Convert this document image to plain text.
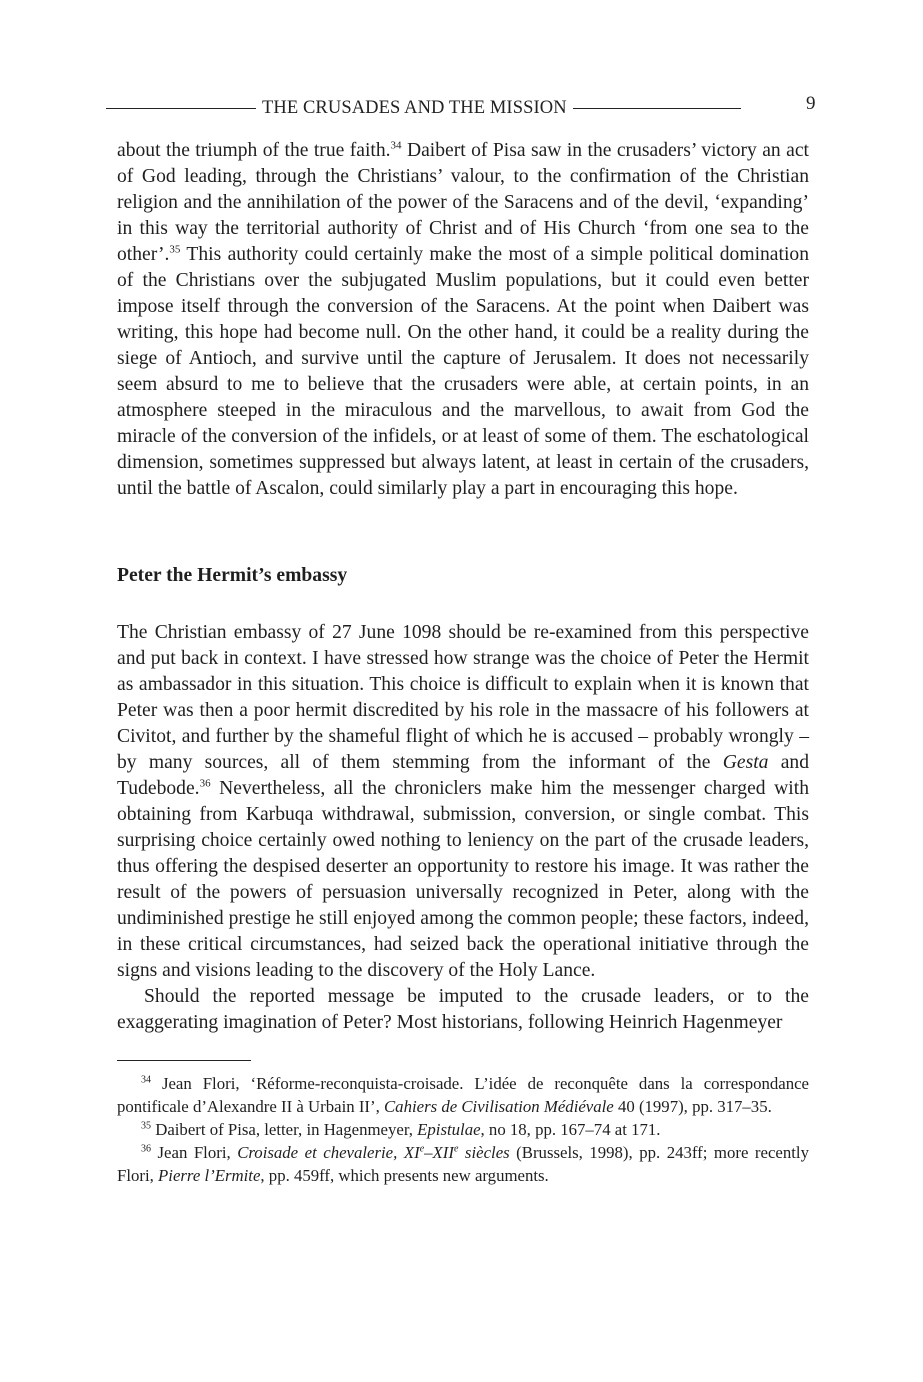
THE CRUSADES AND THE MISSION	9

about the triumph of the true faith.$^{34}$ Daibert of Pisa saw in the crusaders’ victory an act of God leading, through the Christians’ valour, to the confirmation of the Christian religion and the annihilation of the power of the Saracens and of the devil, ‘expanding’ in this way the territorial authority of Christ and of His Church ‘from one sea to the other’.$^{35}$ This authority could certainly make the most of a simple political domination of the Christians over the subjugated Muslim populations, but it could even better impose itself through the conversion of the Saracens. At the point when Daibert was writing, this hope had become null. On the other hand, it could be a reality during the siege of Antioch, and survive until the capture of Jerusalem. It does not necessarily seem absurd to me to believe that the crusaders were able, at certain points, in an atmosphere steeped in the miraculous and the marvellous, to await from God the miracle of the conversion of the infidels, or at least of some of them. The eschatological dimension, sometimes suppressed but always latent, at least in certain of the crusaders, until the battle of Ascalon, could similarly play a part in encouraging this hope.

Peter the Hermit’s embassy

The Christian embassy of 27 June 1098 should be re-examined from this perspective and put back in context. I have stressed how strange was the choice of Peter the Hermit as ambassador in this situation. This choice is difficult to explain when it is known that Peter was then a poor hermit discredited by his role in the massacre of his followers at Civitot, and further by the shameful flight of which he is accused – probably wrongly – by many sources, all of them stemming from the informant of the Gesta and Tudebode.$^{36}$ Nevertheless, all the chroniclers make him the messenger charged with obtaining from Karbuqa withdrawal, submission, conversion, or single combat. This surprising choice certainly owed nothing to leniency on the part of the crusade leaders, thus offering the despised deserter an opportunity to restore his image. It was rather the result of the powers of persuasion universally recognized in Peter, along with the undiminished prestige he still enjoyed among the common people; these factors, indeed, in these critical circumstances, had seized back the operational initiative through the signs and visions leading to the discovery of the Holy Lance.

Should the reported message be imputed to the crusade leaders, or to the exaggerating imagination of Peter? Most historians, following Heinrich Hagenmeyer

$^{34}$ Jean Flori, ‘Réforme-reconquista-croisade. L’idée de reconquête dans la correspondance pontificale d’Alexandre II à Urbain II’, Cahiers de Civilisation Médiévale 40 (1997), pp. 317–35.

$^{35}$ Daibert of Pisa, letter, in Hagenmeyer, Epistulae, no 18, pp. 167–74 at 171.

$^{36}$ Jean Flori, Croisade et chevalerie, XIe–XIIe siècles (Brussels, 1998), pp. 243ff; more recently Flori, Pierre l’Ermite, pp. 459ff, which presents new arguments.
